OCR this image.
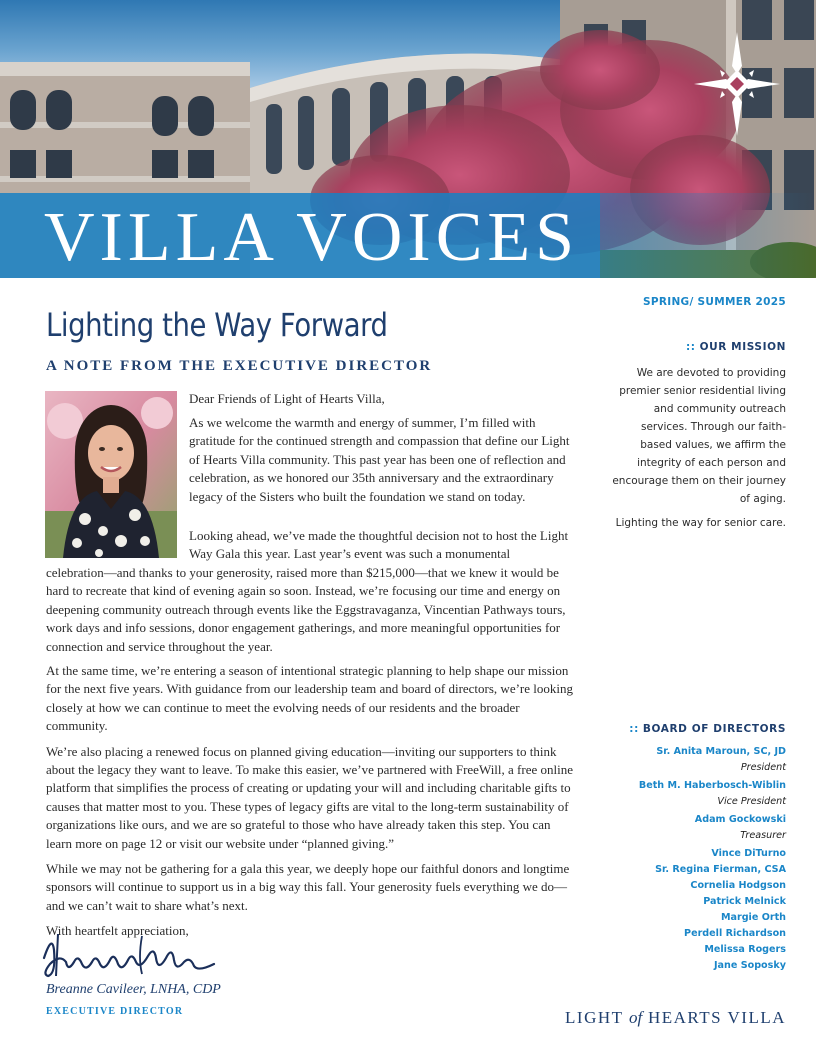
VILLA VOICES
Lighting the Way Forward
A NOTE FROM THE EXECUTIVE DIRECTOR
Dear Friends of Light of Hearts Villa,
As we welcome the warmth and energy of summer, I’m filled with gratitude for the continued strength and compassion that define our Light of Hearts Villa community. This past year has been one of reflection and celebration, as we honored our 35th anniversary and the extraordinary legacy of the Sisters who built the foundation we stand on today.
Looking ahead, we’ve made the thoughtful decision not to host the Light Way Gala this year. Last year’s event was such a monumental
celebration—and thanks to your generosity, raised more than $215,000—that we knew it would be hard to recreate that kind of evening again so soon. Instead, we’re focusing our time and energy on deepening community outreach through events like the Eggstravaganza, Vincentian Pathways tours, work days and info sessions, donor engagement gatherings, and more meaningful opportunities for connection and service throughout the year.

At the same time, we’re entering a season of intentional strategic planning to help shape our mission for the next five years. With guidance from our leadership team and board of directors, we’re looking closely at how we can continue to meet the evolving needs of our residents and the broader community.

We’re also placing a renewed focus on planned giving education—inviting our supporters to think about the legacy they want to leave. To make this easier, we’ve partnered with FreeWill, a free online platform that simplifies the process of creating or updating your will and including charitable gifts to causes that matter most to you. These types of legacy gifts are vital to the long-term sustainability of organizations like ours, and we are so grateful to those who have already taken this step. You can learn more on page 12 or visit our website under “planned giving.”

While we may not be gathering for a gala this year, we deeply hope our faithful donors and longtime sponsors will continue to support us in a big way this fall. Your generosity fuels everything we do—and we can’t wait to share what’s next.

With heartfelt appreciation,

Breanne Cavileer, LNHA, CDP
EXECUTIVE DIRECTOR
SPRING/ SUMMER 2025
:: OUR MISSION

We are devoted to providing premier senior residential living and community outreach services. Through our faith-based values, we affirm the integrity of each person and encourage them on their journey of aging.

Lighting the way for senior care.

:: BOARD OF DIRECTORS
Sr. Anita Maroun, SC, JD
President
Beth M. Haberbosch-Wiblin
Vice President
Adam Gockowski
Treasurer
Vince DiTurno
Sr. Regina Fierman, CSA
Cornelia Hodgson
Patrick Melnick
Margie Orth
Perdell Richardson
Melissa Rogers
Jane Soposky
LIGHT of HEARTS VILLA
